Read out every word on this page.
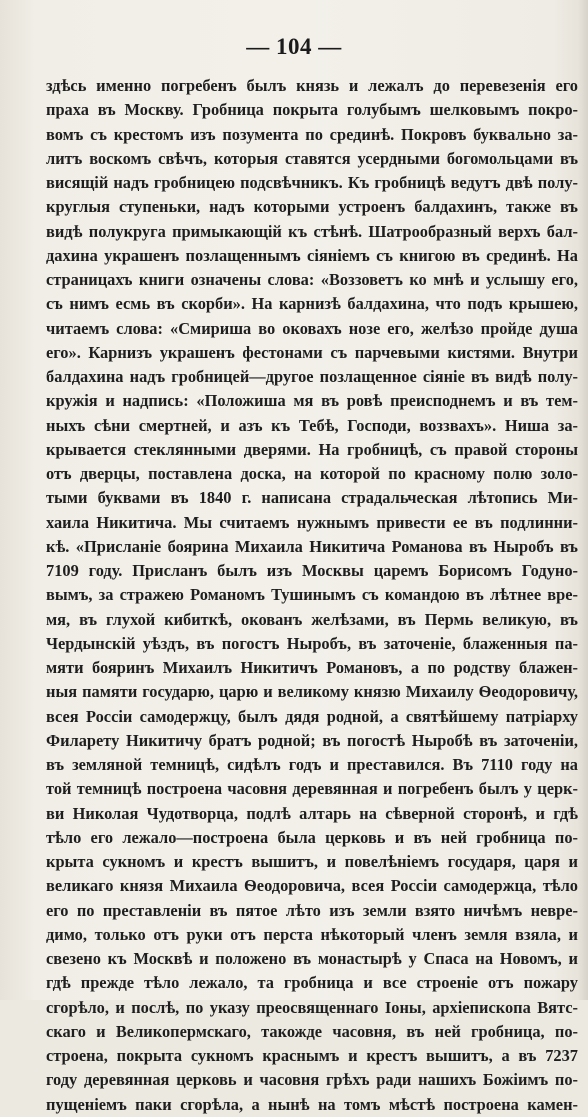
— 104 —
здѣсь именно погребенъ былъ князь и лежалъ до перевезенія его
праха въ Москву. Гробница покрыта голубымъ шелковымъ покро-
вомъ съ крестомъ изъ позумента по срединѣ. Покровъ буквально за-
литъ воскомъ свѣчъ, которыя ставятся усердными богомольцами въ
висящій надъ гробницею подсвѣчникъ. Къ гробницѣ ведутъ двѣ полу-
круглыя ступеньки, надъ которыми устроенъ балдахинъ, также въ
видѣ полукруга примыкающій къ стѣнѣ. Шатрообразный верхъ бал-
дахина украшенъ позлащеннымъ сіяніемъ съ книгою въ срединѣ. На
страницахъ книги означены слова: «Воззоветъ ко мнѣ и услышу его,
съ нимъ есмь въ скорби». На карнизѣ балдахина, что подъ крышею,
читаемъ слова: «Смириша во оковахъ нозе его, желѣзо пройде душа
его». Карнизъ украшенъ фестонами съ парчевыми кистями. Внутри
балдахина надъ гробницей—другое позлащенное сіяніе въ видѣ полу-
кружія и надпись: «Положиша мя въ ровѣ преисподнемъ и въ тем-
ныхъ сѣни смертней, и азъ къ Тебѣ, Господи, воззвахъ». Ниша за-
крывается стеклянными дверями. На гробницѣ, съ правой стороны
отъ дверцы, поставлена доска, на которой по красному полю золо-
тыми буквами въ 1840 г. написана страдальческая лѣтопись Ми-
хаила Никитича. Мы считаемъ нужнымъ привести ее въ подлинни-
кѣ. «Присланіе боярина Михаила Никитича Романова въ Ныробъ въ
7109 году. Присланъ былъ изъ Москвы царемъ Борисомъ Годуно-
вымъ, за стражею Романомъ Тушинымъ съ командою въ лѣтнее вре-
мя, въ глухой кибиткѣ, окованъ желѣзами, въ Пермь великую, въ
Чердынскій уѣздъ, въ погостъ Ныробъ, въ заточеніе, блаженныя па-
мяти бояринъ Михаилъ Никитичъ Романовъ, а по родству блажен-
ныя памяти государю, царю и великому князю Михаилу Ѳеодоровичу,
всея Россіи самодержцу, былъ дядя родной, а святѣйшему патріарху
Филарету Никитичу братъ родной; въ погостѣ Ныробѣ въ заточеніи,
въ земляной темницѣ, сидѣлъ годъ и преставился. Въ 7110 году на
той темницѣ построена часовня деревянная и погребенъ былъ у церк-
ви Николая Чудотворца, подлѣ алтарь на сѣверной сторонѣ, и гдѣ
тѣло его лежало—построена была церковь и въ ней гробница по-
крыта сукномъ и крестъ вышитъ, и повелѣніемъ государя, царя и
великаго князя Михаила Ѳеодоровича, всея Россіи самодержца, тѣло
его по преставленіи въ пятое лѣто изъ земли взято ничѣмъ невре-
димо, только отъ руки отъ перста нѣкоторый членъ земля взяла, и
свезено къ Москвѣ и положено въ монастырѣ у Спаса на Новомъ, и
гдѣ прежде тѣло лежало, та гробница и все строеніе отъ пожару
сгорѣло, и послѣ, по указу преосвященнаго Іоны, архіепископа Вятс-
скаго и Великопермскаго, такожде часовня, въ ней гробница, по-
строена, покрыта сукномъ краснымъ и крестъ вышитъ, а въ 7237
году деревянная церковь и часовня грѣхъ ради нашихъ Божіимъ по-
пущеніемъ паки сгорѣла, а нынѣ на томъ мѣстѣ построена камен-
